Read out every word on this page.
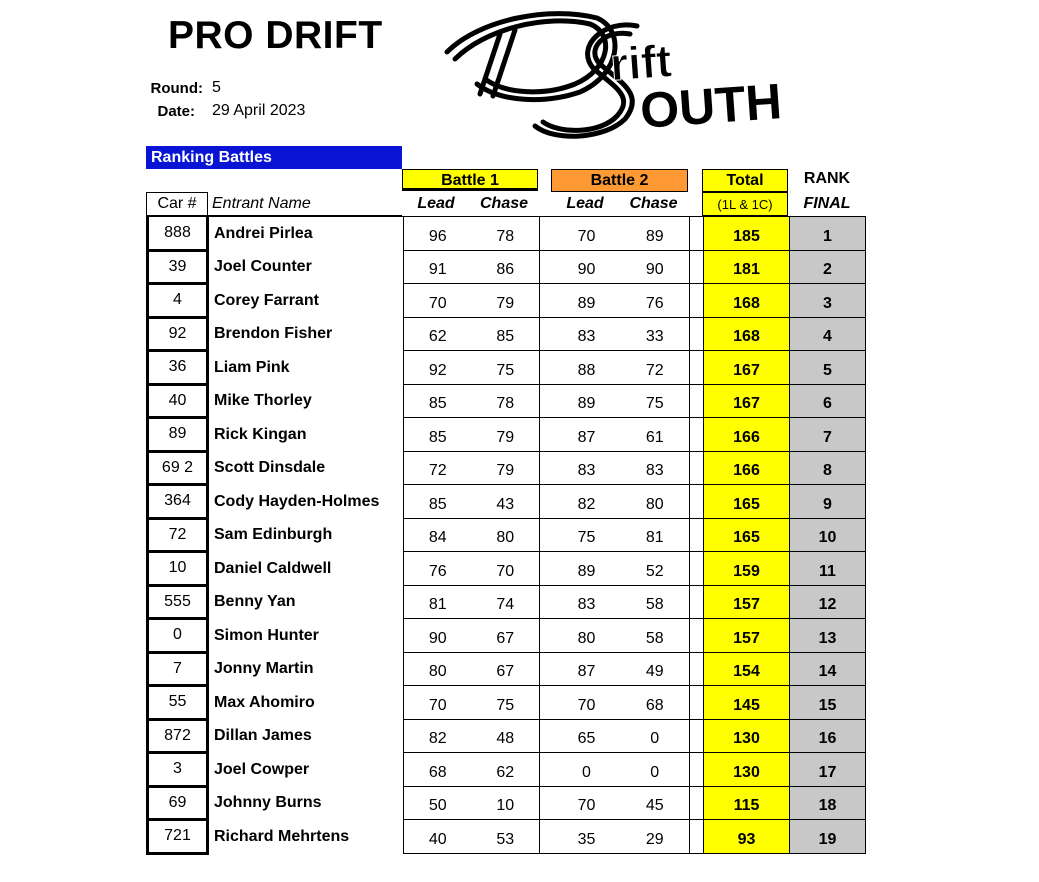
PRO DRIFT
Round: 5
Date: 29 April 2023
rift
OUTH
Ranking Battles
Battle 1	Battle 2	Total	RANK
Car # Entrant Name	Lead	Chase	Lead	Chase	(1L & 1C)	FINAL
888	Andrei Pirlea	96	78		70	89		185	1
39	Joel Counter	91	86		90	90		181	2
4	Corey Farrant	70	79		89	76		168	3
92	Brendon Fisher	62	85		83	33		168	4
36	Liam Pink	92	75		88	72		167	5
40	Mike Thorley	85	78		89	75		167	6
89	Rick Kingan	85	79		87	61		166	7
69 2	Scott Dinsdale	72	79		83	83		166	8
364	Cody Hayden-Holmes	85	43		82	80		165	9
72	Sam Edinburgh	84	80		75	81		165	10
10	Daniel Caldwell	76	70		89	52		159	11
555	Benny Yan	81	74		83	58		157	12
0	Simon Hunter	90	67		80	58		157	13
7	Jonny Martin	80	67		87	49		154	14
55	Max Ahomiro	70	75		70	68		145	15
872	Dillan James	82	48		65	0		130	16
3	Joel Cowper	68	62		0	0		130	17
69	Johnny Burns	50	10		70	45		115	18
721	Richard Mehrtens	40	53		35	29		93	19
